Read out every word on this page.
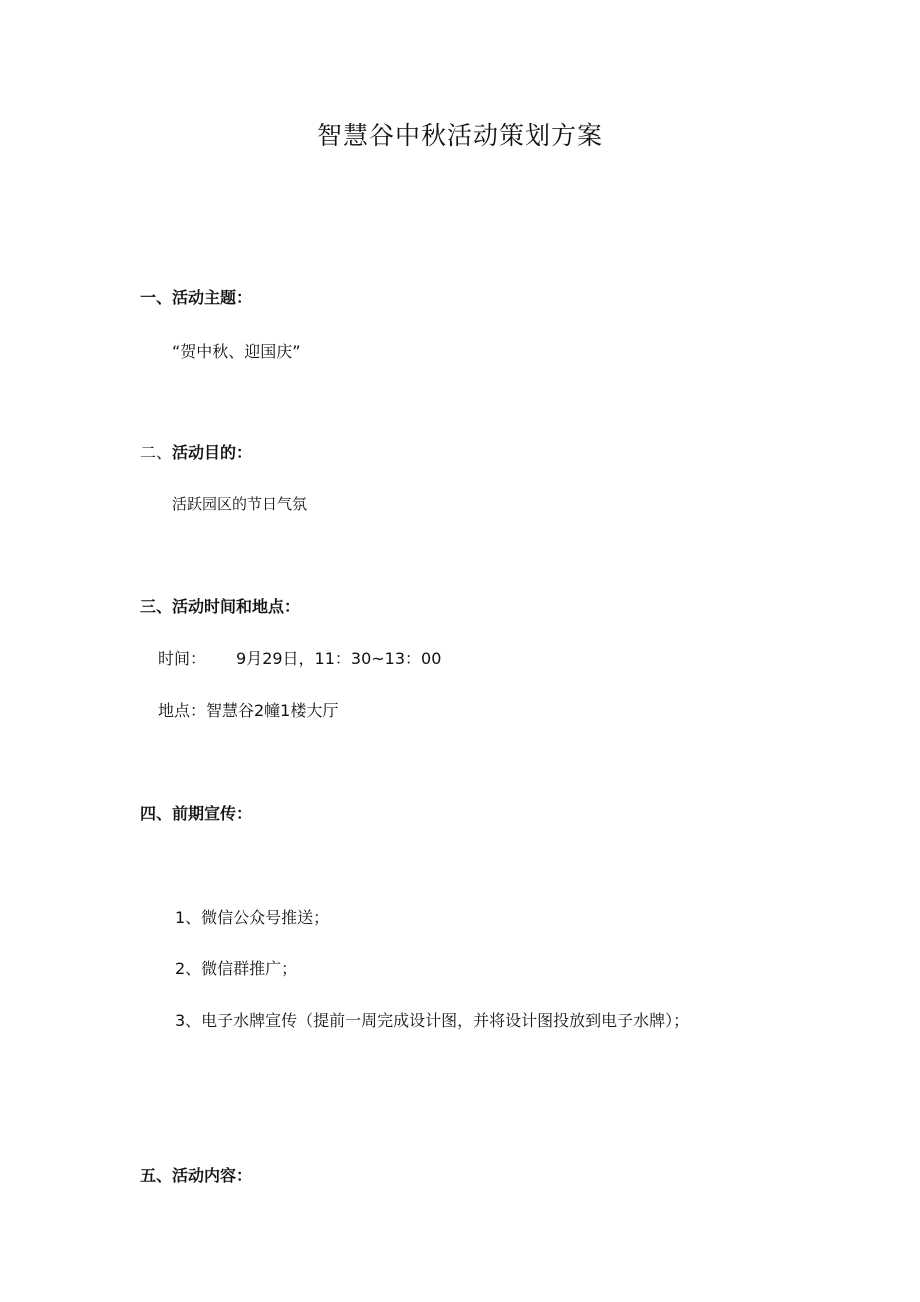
智慧谷中秋活动策划方案
一、活动主题：
“贺中秋、迎国庆”
二、活动目的：
活跃园区的节日气氛
三、活动时间和地点：
时间： 9月29日，11：30~13：00
地点：智慧谷2幢1楼大厅
四、前期宣传：
1、微信公众号推送；
2、微信群推广；
3、电子水牌宣传（提前一周完成设计图，并将设计图投放到电子水牌）；
五、活动内容：
